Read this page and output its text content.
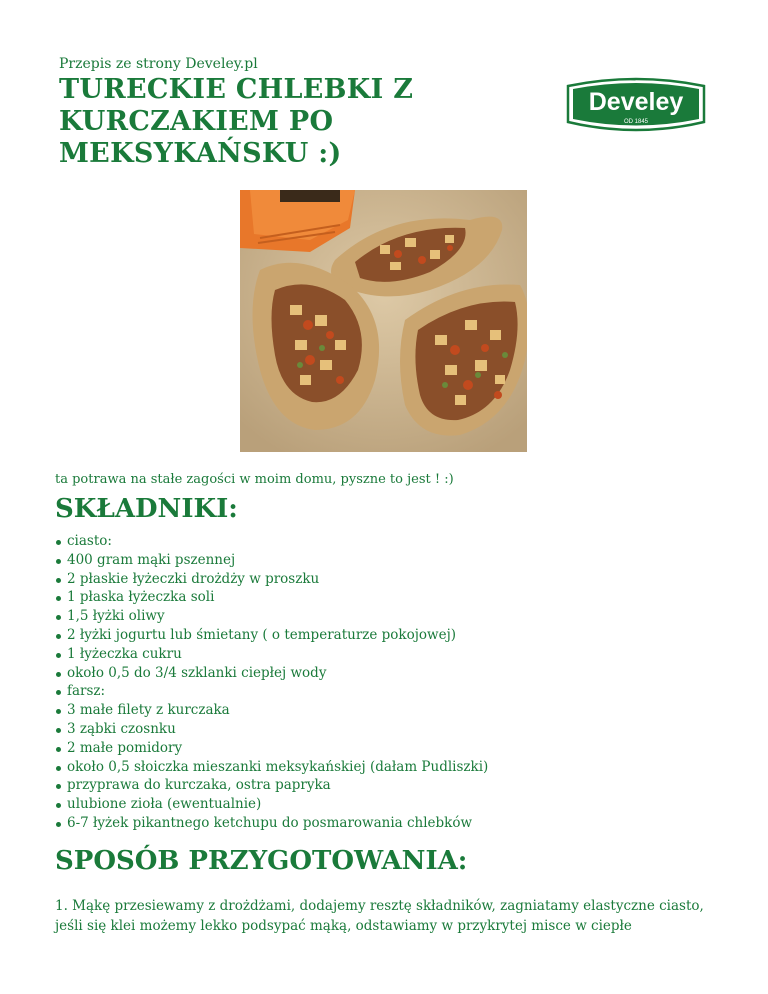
Przepis ze strony Develey.pl
TURECKIE CHLEBKI Z KURCZAKIEM PO MEKSYKAŃSKU :)
Develey
OD 1845
ta potrawa na stałe zagości w moim domu, pyszne to jest ! :)
SKŁADNIKI:
ciasto:
400 gram mąki pszennej
2 płaskie łyżeczki drożdży w proszku
1 płaska łyżeczka soli
1,5 łyżki oliwy
2 łyżki jogurtu lub śmietany ( o temperaturze pokojowej)
1 łyżeczka cukru
około 0,5 do 3/4 szklanki ciepłej wody
farsz:
3 małe filety z kurczaka
3 ząbki czosnku
2 małe pomidory
około 0,5 słoiczka mieszanki meksykańskiej (dałam Pudliszki)
przyprawa do kurczaka, ostra papryka
ulubione zioła (ewentualnie)
6-7 łyżek pikantnego ketchupu do posmarowania chlebków
SPOSÓB PRZYGOTOWANIA:
1. Mąkę przesiewamy z drożdżami, dodajemy resztę składników, zagniatamy elastyczne ciasto, jeśli się klei możemy lekko podsypać mąką, odstawiamy w przykrytej misce w ciepłe
